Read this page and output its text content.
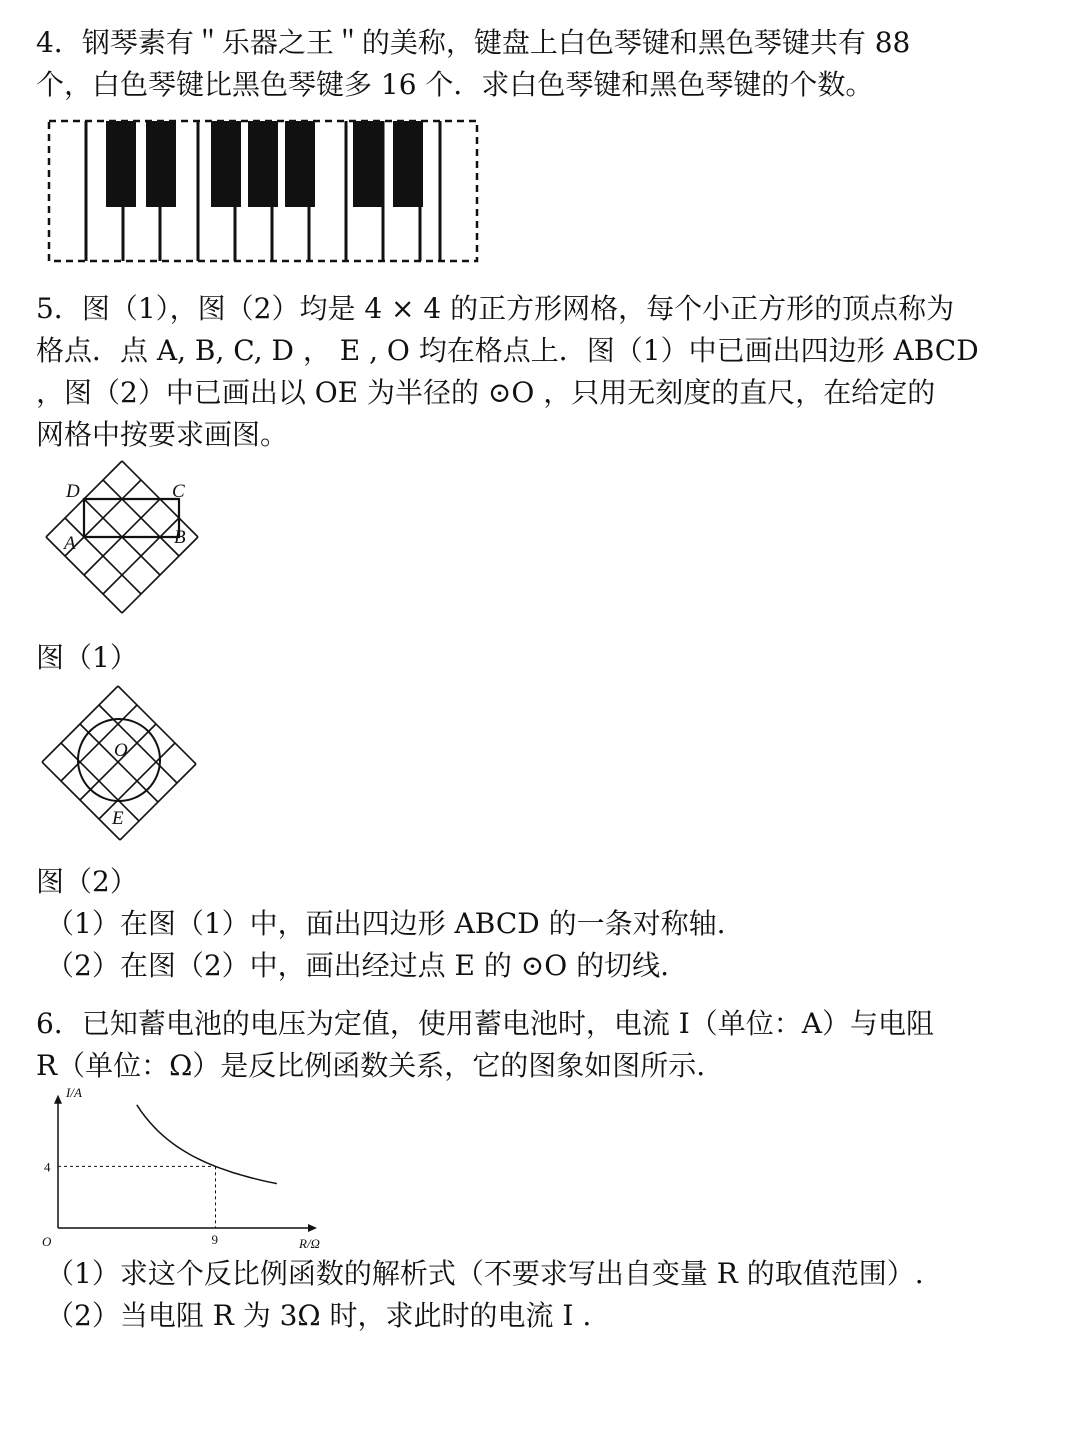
4．钢琴素有＂乐器之王＂的美称，键盘上白色琴键和黑色琴键共有 88
个，白色琴键比黑色琴键多 16 个．求白色琴键和黑色琴键的个数。
5．图（1），图（2）均是 4 × 4 的正方形网格，每个小正方形的顶点称为
格点．点 A, B, C, D ， E , O 均在格点上．图（1）中已画出四边形 ABCD
，图（2）中已画出以 OE 为半径的 ⊙O ，只用无刻度的直尺，在给定的
网格中按要求画图。
D	C
A	B
图（1）
O
E
图（2）
（1）在图（1）中，面出四边形 ABCD 的一条对称轴.
（2）在图（2）中，画出经过点 E 的 ⊙O 的切线.
6．已知蓄电池的电压为定值，使用蓄电池时，电流 I（单位：A）与电阻
R（单位：Ω）是反比例函数关系，它的图象如图所示.
I/A
R/Ω
O
4
9
（1）求这个反比例函数的解析式（不要求写出自变量 R 的取值范围）.
（2）当电阻 R 为 3Ω 时，求此时的电流 I .
